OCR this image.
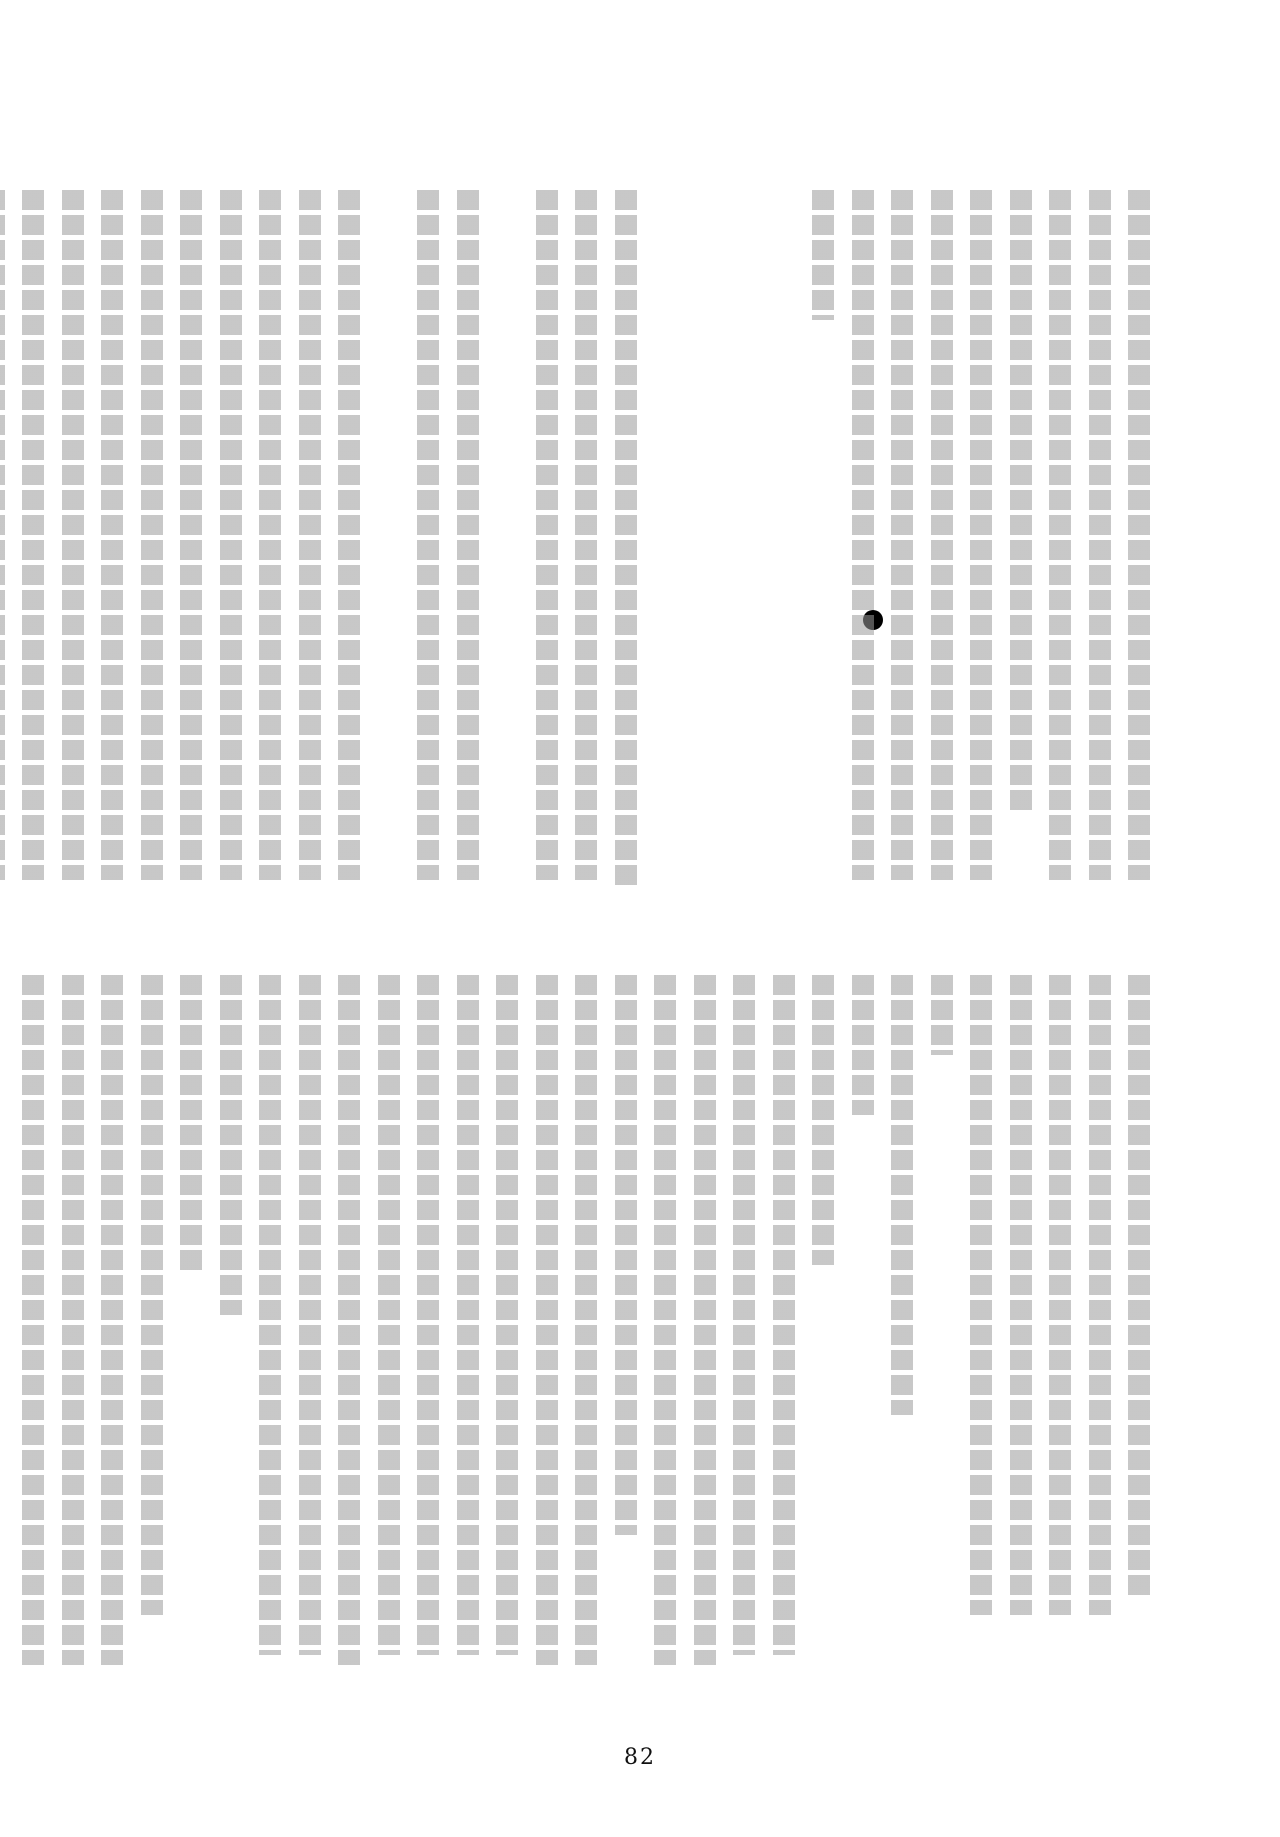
82
